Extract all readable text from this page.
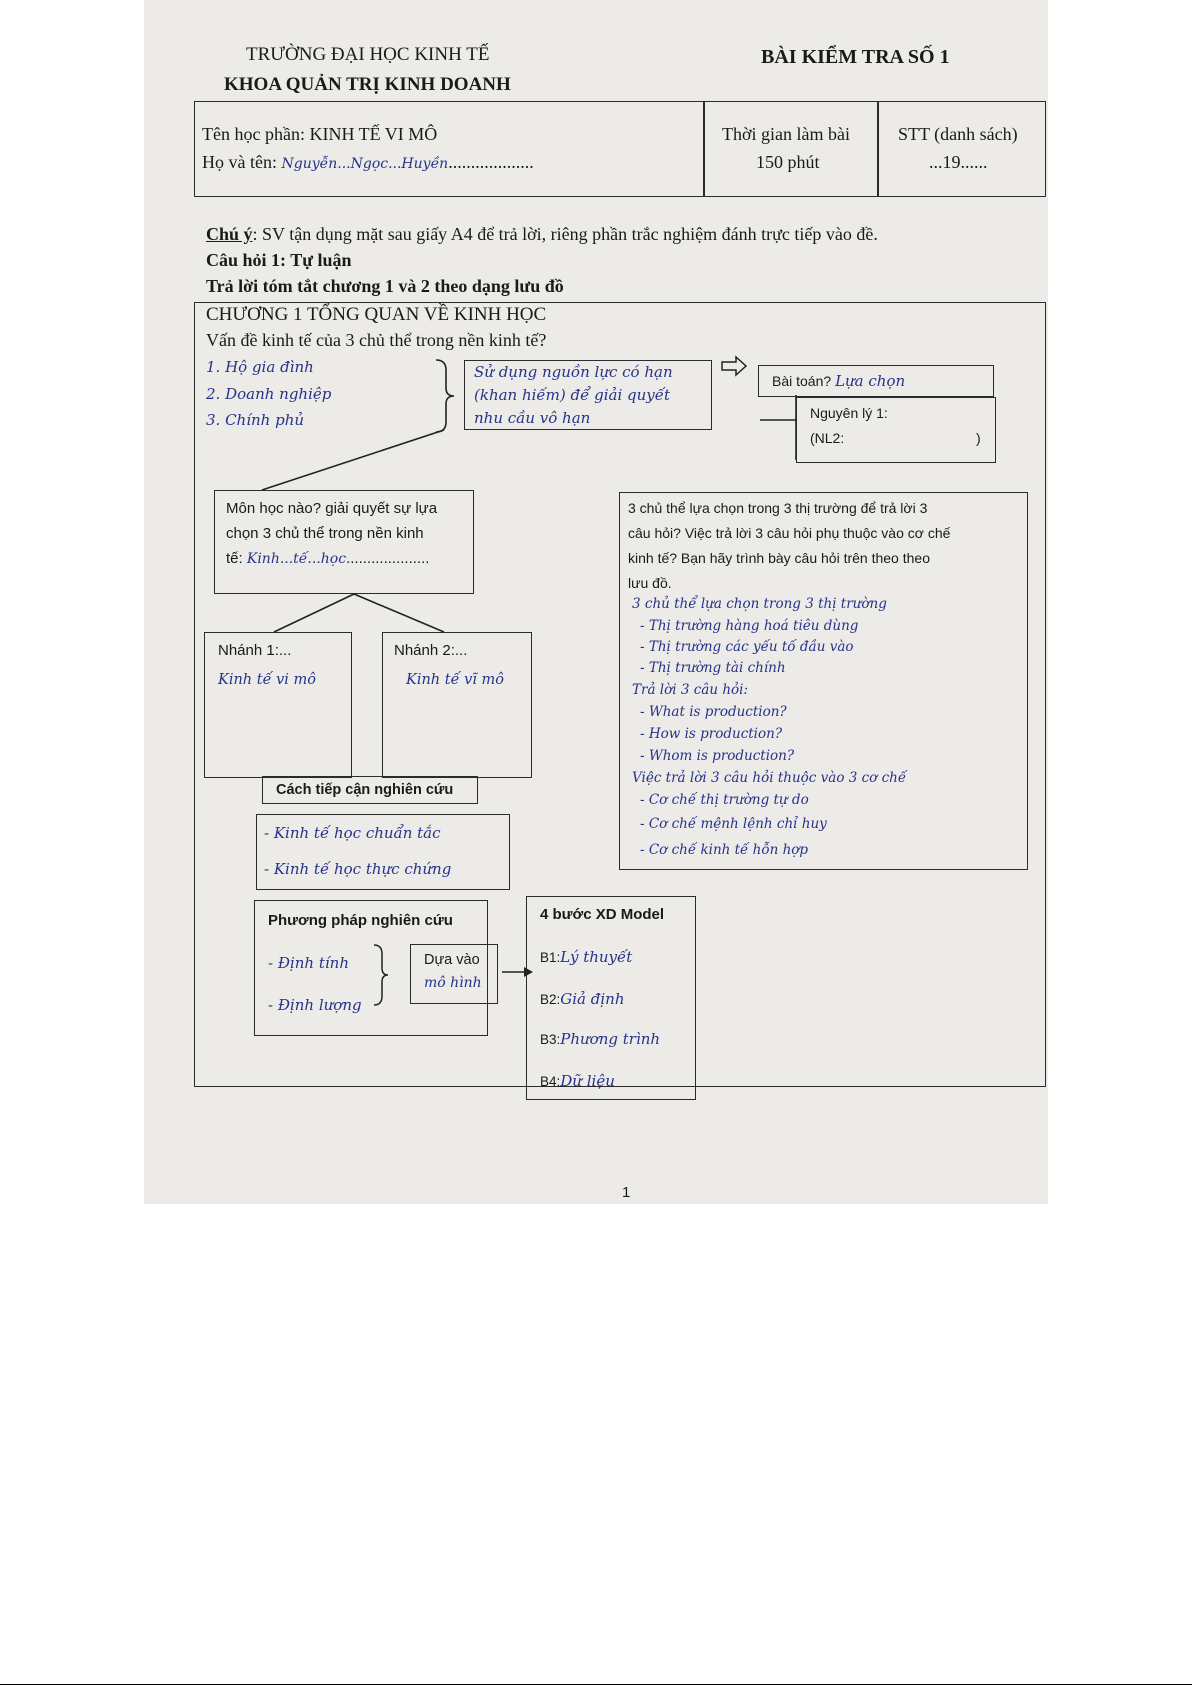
TRƯỜNG ĐẠI HỌC KINH TẾ
KHOA QUẢN TRỊ KINH DOANH
BÀI KIỂM TRA SỐ 1
Tên học phần: KINH TẾ VI MÔ
Họ và tên: Nguyễn...Ngọc...Huyền...................
Thời gian làm bài
150 phút
STT (danh sách)
...19......
Chú ý: SV tận dụng mặt sau giấy A4 để trả lời, riêng phần trắc nghiệm đánh trực tiếp vào đề.
Câu hỏi 1: Tự luận
Trả lời tóm tắt chương 1 và 2 theo dạng lưu đồ
CHƯƠNG 1 TỔNG QUAN VỀ KINH HỌC
Vấn đề kinh tế của 3 chủ thể trong nền kinh tế?
1. Hộ gia đình
2. Doanh nghiệp
3. Chính phủ
Sử dụng nguồn lực có hạn
(khan hiếm) để giải quyết
nhu cầu vô hạn
Bài toán? Lựa chọn
Nguyên lý 1:
(NL2:	)
Môn học nào? giải quyết sự lựa
chọn 3 chủ thể trong nền kinh
tế: Kinh...tế...học....................
3 chủ thể lựa chọn trong 3 thị trường để trả lời 3
câu hỏi? Việc trả lời 3 câu hỏi phụ thuộc vào cơ chế
kinh tế? Bạn hãy trình bày câu hỏi trên theo theo
lưu đồ.
3 chủ thể lựa chọn trong 3 thị trường
- Thị trường hàng hoá tiêu dùng
- Thị trường các yếu tố đầu vào
- Thị trường tài chính
Trả lời 3 câu hỏi:
- What is production?
- How is production?
- Whom is production?
Việc trả lời 3 câu hỏi thuộc vào 3 cơ chế
- Cơ chế thị trường tự do
- Cơ chế mệnh lệnh chỉ huy
- Cơ chế kinh tế hỗn hợp
Nhánh 1:...
Kinh tế vi mô
Nhánh 2:...
Kinh tế vĩ mô
Cách tiếp cận nghiên cứu
- Kinh tế học chuẩn tắc
- Kinh tế học thực chứng
Phương pháp nghiên cứu
- Định tính
- Định lượng
Dựa vào
mô hình
4 bước XD Model
B1:Lý thuyết
B2:Giả định
B3:Phương trình
B4:Dữ liệu
1
